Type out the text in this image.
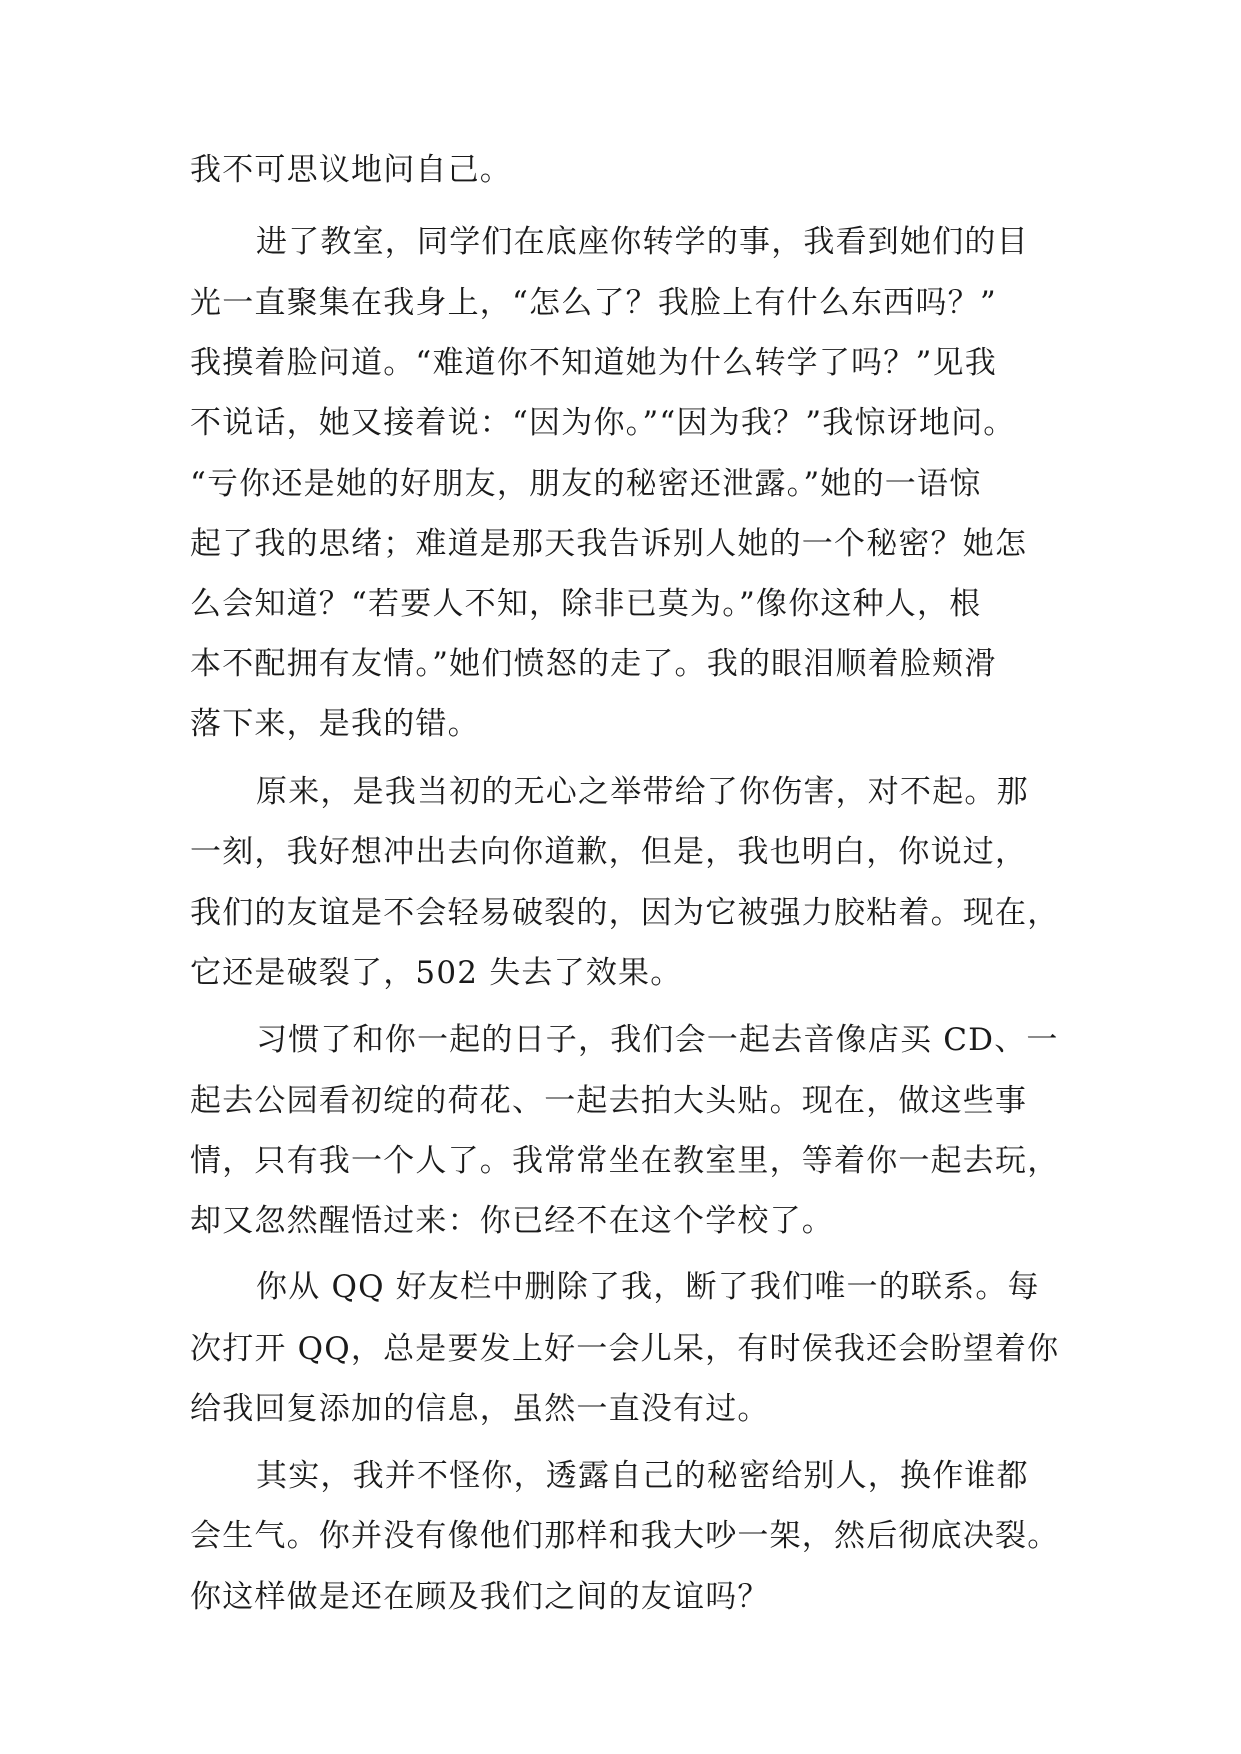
我不可思议地问自己。
进了教室，同学们在底座你转学的事，我看到她们的目
光一直聚集在我身上，“怎么了？我脸上有什么东西吗？”
我摸着脸问道。“难道你不知道她为什么转学了吗？”见我
不说话，她又接着说：“因为你。”“因为我？”我惊讶地问。
“亏你还是她的好朋友，朋友的秘密还泄露。”她的一语惊
起了我的思绪；难道是那天我告诉别人她的一个秘密？她怎
么会知道？“若要人不知，除非已莫为。”像你这种人，根
本不配拥有友情。”她们愤怒的走了。我的眼泪顺着脸颊滑
落下来，是我的错。
原来，是我当初的无心之举带给了你伤害，对不起。那
一刻，我好想冲出去向你道歉，但是，我也明白，你说过，
我们的友谊是不会轻易破裂的，因为它被强力胶粘着。现在，
它还是破裂了，502 失去了效果。
习惯了和你一起的日子，我们会一起去音像店买 CD、一
起去公园看初绽的荷花、一起去拍大头贴。现在，做这些事
情，只有我一个人了。我常常坐在教室里，等着你一起去玩，
却又忽然醒悟过来：你已经不在这个学校了。
你从 QQ 好友栏中删除了我，断了我们唯一的联系。每
次打开 QQ，总是要发上好一会儿呆，有时侯我还会盼望着你
给我回复添加的信息，虽然一直没有过。
其实，我并不怪你，透露自己的秘密给别人，换作谁都
会生气。你并没有像他们那样和我大吵一架，然后彻底决裂。
你这样做是还在顾及我们之间的友谊吗？
